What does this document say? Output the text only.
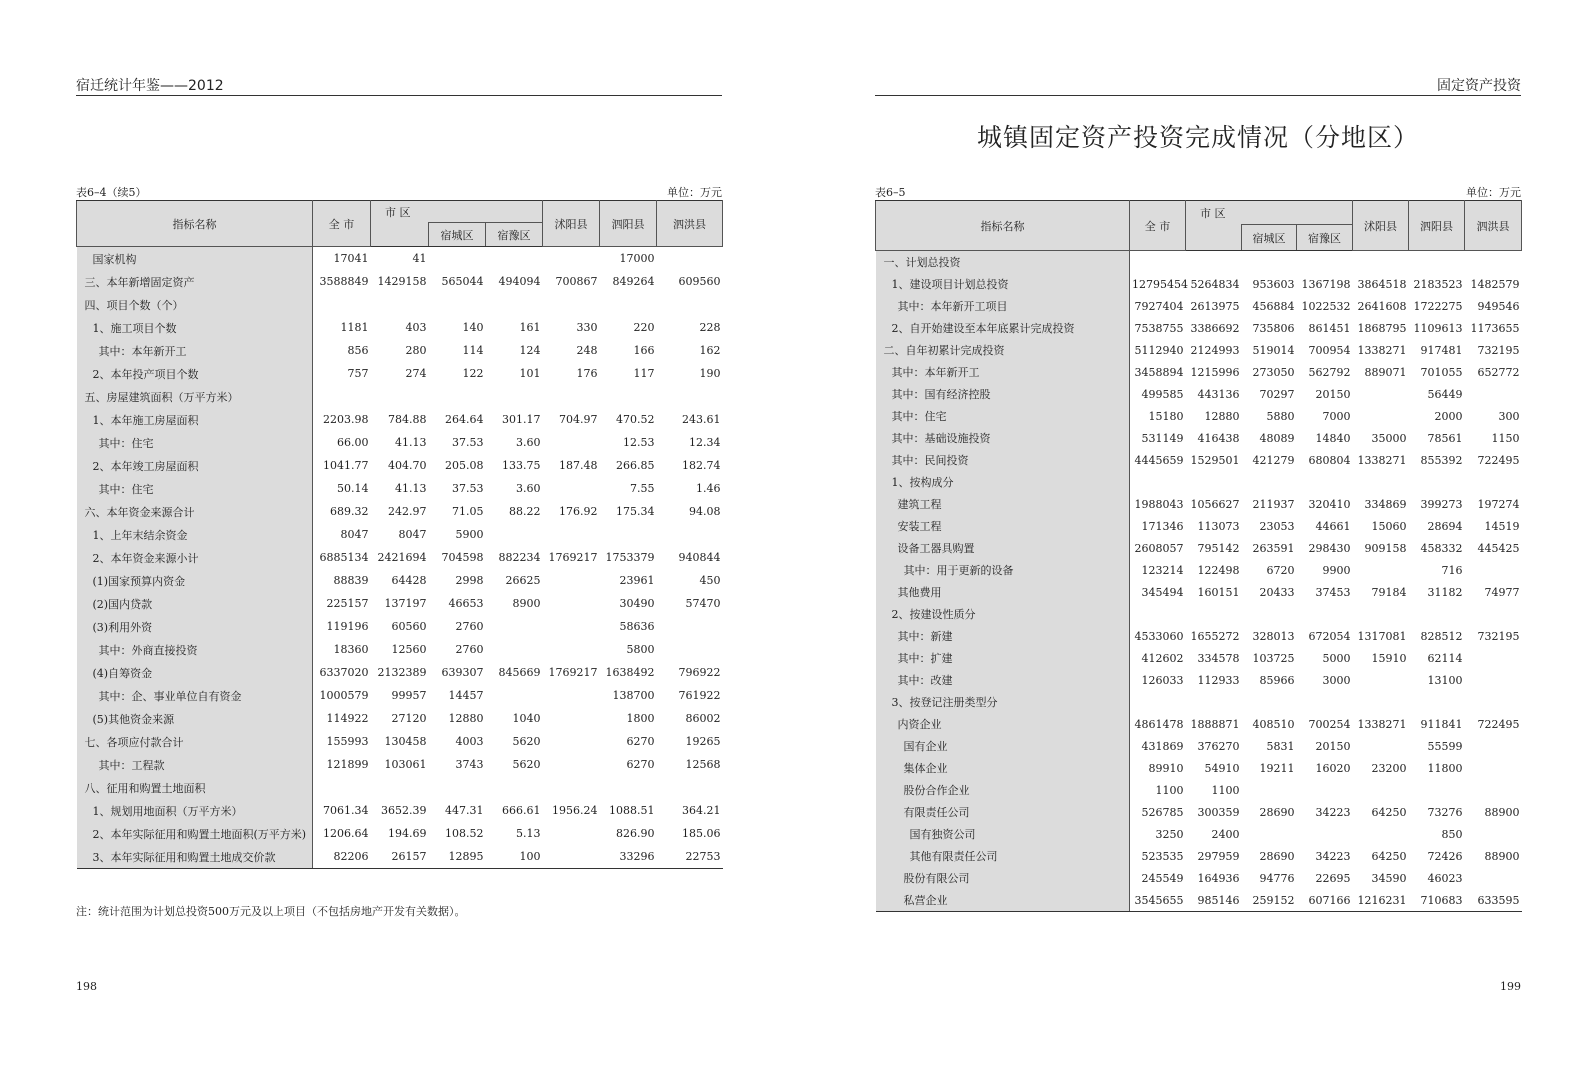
宿迁统计年鉴——2012
表6–4（续5）	单位：万元
指标名称	全 市	市 区			沭阳县	泗阳县	泗洪县
			宿城区	宿豫区			
国家机构	17041	41				17000	
三、本年新增固定资产	3588849	1429158	565044	494094	700867	849264	609560
四、项目个数（个）							
1、施工项目个数	1181	403	140	161	330	220	228
其中：本年新开工	856	280	114	124	248	166	162
2、本年投产项目个数	757	274	122	101	176	117	190
五、房屋建筑面积（万平方米）							
1、本年施工房屋面积	2203.98	784.88	264.64	301.17	704.97	470.52	243.61
其中：住宅	66.00	41.13	37.53	3.60		12.53	12.34
2、本年竣工房屋面积	1041.77	404.70	205.08	133.75	187.48	266.85	182.74
其中：住宅	50.14	41.13	37.53	3.60		7.55	1.46
六、本年资金来源合计	689.32	242.97	71.05	88.22	176.92	175.34	94.08
1、上年末结余资金	8047	8047	5900				
2、本年资金来源小计	6885134	2421694	704598	882234	1769217	1753379	940844
(1)国家预算内资金	88839	64428	2998	26625		23961	450
(2)国内贷款	225157	137197	46653	8900		30490	57470
(3)利用外资	119196	60560	2760			58636	
其中：外商直接投资	18360	12560	2760			5800	
(4)自筹资金	6337020	2132389	639307	845669	1769217	1638492	796922
其中：企、事业单位自有资金	1000579	99957	14457			138700	761922
(5)其他资金来源	114922	27120	12880	1040		1800	86002
七、各项应付款合计	155993	130458	4003	5620		6270	19265
其中：工程款	121899	103061	3743	5620		6270	12568
八、征用和购置土地面积							
1、规划用地面积（万平方米）	7061.34	3652.39	447.31	666.61	1956.24	1088.51	364.21
2、本年实际征用和购置土地面积(万平方米)	1206.64	194.69	108.52	5.13		826.90	185.06
3、本年实际征用和购置土地成交价款	82206	26157	12895	100		33296	22753
注：统计范围为计划总投资500万元及以上项目（不包括房地产开发有关数据）。
198
固定资产投资
城镇固定资产投资完成情况（分地区）
表6–5	单位：万元
指标名称	全 市	市 区			沭阳县	泗阳县	泗洪县
			宿城区	宿豫区			
一、计划总投资							
1、建设项目计划总投资	12795454	5264834	953603	1367198	3864518	2183523	1482579
其中：本年新开工项目	7927404	2613975	456884	1022532	2641608	1722275	949546
2、自开始建设至本年底累计完成投资	7538755	3386692	735806	861451	1868795	1109613	1173655
二、自年初累计完成投资	5112940	2124993	519014	700954	1338271	917481	732195
其中：本年新开工	3458894	1215996	273050	562792	889071	701055	652772
其中：国有经济控股	499585	443136	70297	20150		56449	
其中：住宅	15180	12880	5880	7000		2000	300
其中：基础设施投资	531149	416438	48089	14840	35000	78561	1150
其中：民间投资	4445659	1529501	421279	680804	1338271	855392	722495
1、按构成分							
建筑工程	1988043	1056627	211937	320410	334869	399273	197274
安装工程	171346	113073	23053	44661	15060	28694	14519
设备工器具购置	2608057	795142	263591	298430	909158	458332	445425
其中：用于更新的设备	123214	122498	6720	9900		716	
其他费用	345494	160151	20433	37453	79184	31182	74977
2、按建设性质分							
其中：新建	4533060	1655272	328013	672054	1317081	828512	732195
其中：扩建	412602	334578	103725	5000	15910	62114	
其中：改建	126033	112933	85966	3000		13100	
3、按登记注册类型分							
内资企业	4861478	1888871	408510	700254	1338271	911841	722495
国有企业	431869	376270	5831	20150		55599	
集体企业	89910	54910	19211	16020	23200	11800	
股份合作企业	1100	1100					
有限责任公司	526785	300359	28690	34223	64250	73276	88900
国有独资公司	3250	2400				850	
其他有限责任公司	523535	297959	28690	34223	64250	72426	88900
股份有限公司	245549	164936	94776	22695	34590	46023	
私营企业	3545655	985146	259152	607166	1216231	710683	633595
199
